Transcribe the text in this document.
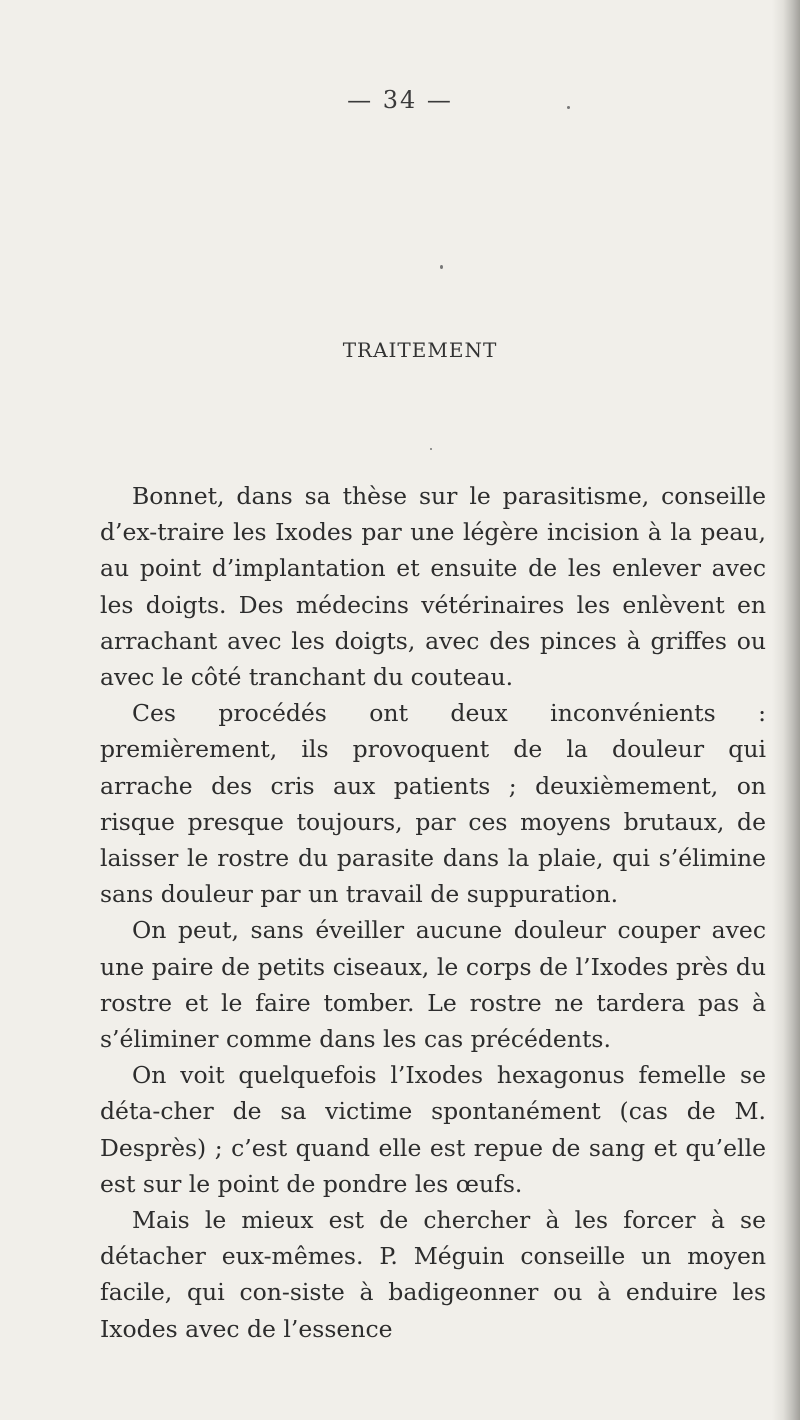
— 34 —
TRAITEMENT

Bonnet, dans sa thèse sur le parasitisme, conseille d’ex-traire les Ixodes par une légère incision à la peau, au point d’implantation et ensuite de les enlever avec les doigts. Des médecins vétérinaires les enlèvent en arrachant avec les doigts, avec des pinces à griffes ou avec le côté tranchant du couteau.

Ces procédés ont deux inconvénients : premièrement, ils provoquent de la douleur qui arrache des cris aux patients ; deuxièmement, on risque presque toujours, par ces moyens brutaux, de laisser le rostre du parasite dans la plaie, qui s’élimine sans douleur par un travail de suppuration.

On peut, sans éveiller aucune douleur couper avec une paire de petits ciseaux, le corps de l’Ixodes près du rostre et le faire tomber. Le rostre ne tardera pas à s’éliminer comme dans les cas précédents.

On voit quelquefois l’Ixodes hexagonus femelle se déta-cher de sa victime spontanément (cas de M. Desprès) ; c’est quand elle est repue de sang et qu’elle est sur le point de pondre les œufs.

Mais le mieux est de chercher à les forcer à se détacher eux-mêmes. P. Méguin conseille un moyen facile, qui con-siste à badigeonner ou à enduire les Ixodes avec de l’essence
